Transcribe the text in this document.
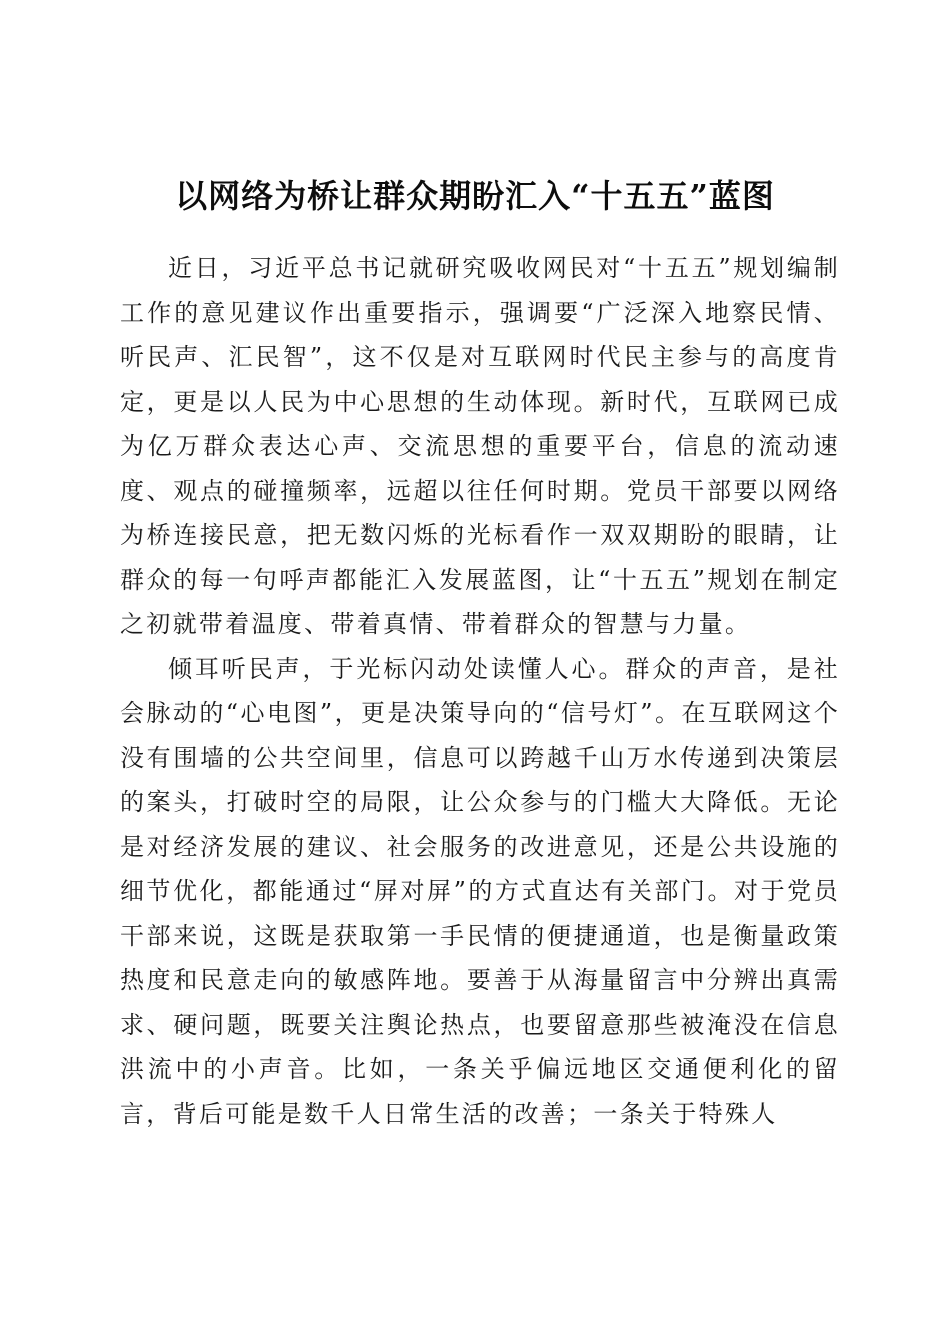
以网络为桥让群众期盼汇入“十五五”蓝图

近日，习近平总书记就研究吸收网民对“十五五”规划编制工作的意见建议作出重要指示，强调要“广泛深入地察民情、听民声、汇民智”，这不仅是对互联网时代民主参与的高度肯定，更是以人民为中心思想的生动体现。新时代，互联网已成为亿万群众表达心声、交流思想的重要平台，信息的流动速度、观点的碰撞频率，远超以往任何时期。党员干部要以网络为桥连接民意，把无数闪烁的光标看作一双双期盼的眼睛，让群众的每一句呼声都能汇入发展蓝图，让“十五五”规划在制定之初就带着温度、带着真情、带着群众的智慧与力量。

倾耳听民声，于光标闪动处读懂人心。群众的声音，是社会脉动的“心电图”，更是决策导向的“信号灯”。在互联网这个没有围墙的公共空间里，信息可以跨越千山万水传递到决策层的案头，打破时空的局限，让公众参与的门槛大大降低。无论是对经济发展的建议、社会服务的改进意见，还是公共设施的细节优化，都能通过“屏对屏”的方式直达有关部门。对于党员干部来说，这既是获取第一手民情的便捷通道，也是衡量政策热度和民意走向的敏感阵地。要善于从海量留言中分辨出真需求、硬问题，既要关注舆论热点，也要留意那些被淹没在信息洪流中的小声音。比如，一条关乎偏远地区交通便利化的留言，背后可能是数千人日常生活的改善；一条关于特殊人
